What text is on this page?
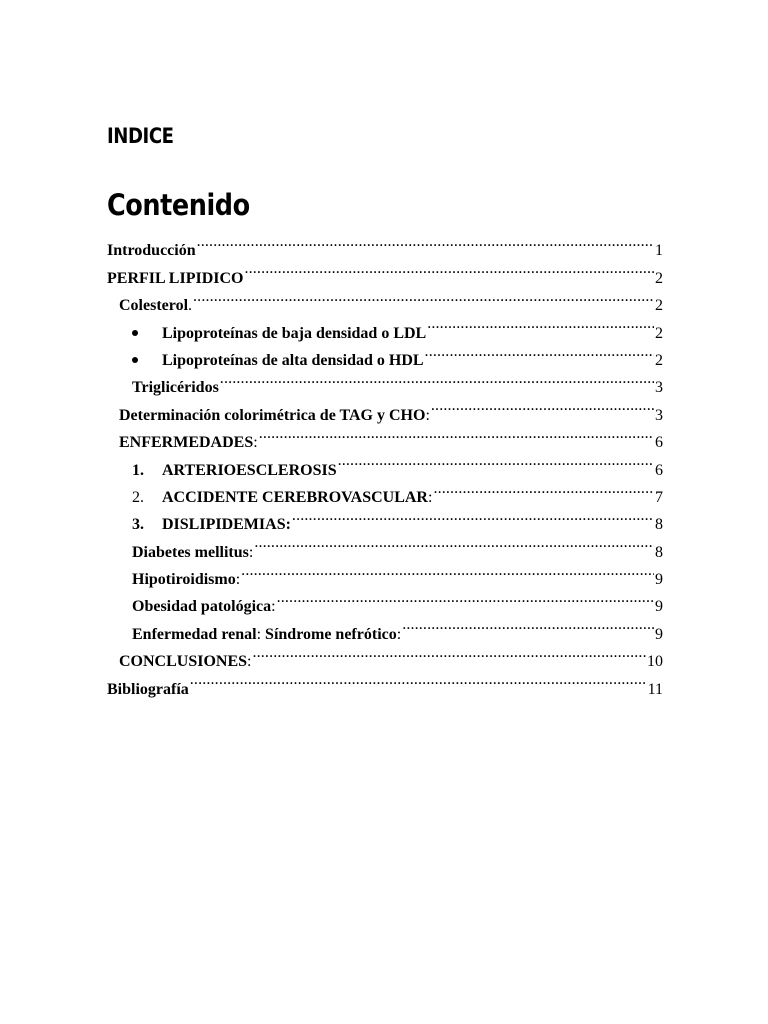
INDICE
Contenido
Introducción .....	1
PERFIL LIPIDICO .....	2
Colesterol . .....	2
Lipoproteínas de baja densidad o LDL .....	2
Lipoproteínas de alta densidad o HDL .....	2
Triglicéridos .....	3
Determinación colorimétrica de TAG y CHO : .....	3
ENFERMEDADES : .....	6
1.	ARTERIOESCLEROSIS .....	6
2.	ACCIDENTE CEREBROVASCULAR : .....	7
3.	DISLIPIDEMIAS: .....	8
Diabetes mellitus : .....	8
Hipotiroidismo : .....	9
Obesidad patológica : .....	9
Enfermedad renal : Síndrome nefrótico : .....	9
CONCLUSIONES : .....	10
Bibliografía .....	11
